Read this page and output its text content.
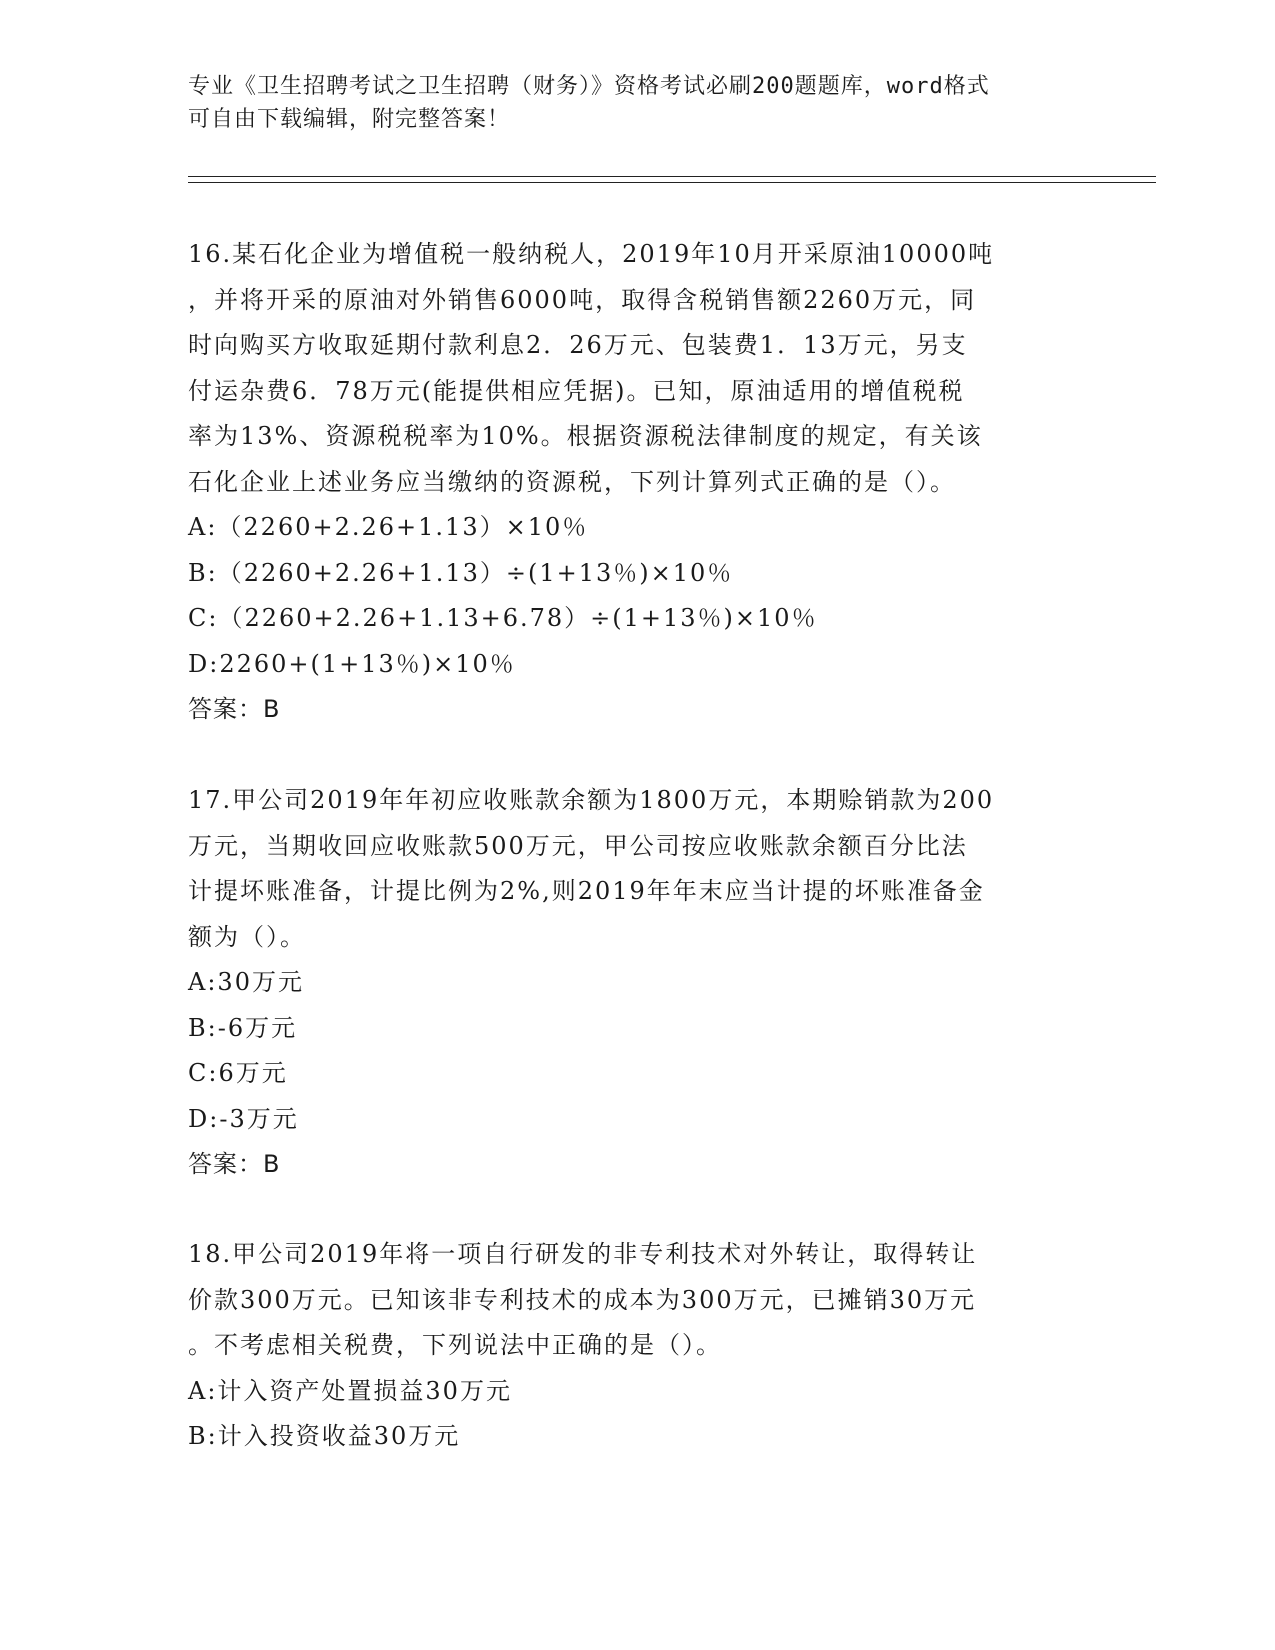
专业《卫生招聘考试之卫生招聘（财务）》资格考试必刷200题题库，word格式

可自由下载编辑，附完整答案！

16.某石化企业为增值税一般纳税人，2019年10月开采原油10000吨

，并将开采的原油对外销售6000吨，取得含税销售额2260万元，同

时向购买方收取延期付款利息2．26万元、包装费1．13万元，另支

付运杂费6．78万元(能提供相应凭据)。已知，原油适用的增值税税

率为13%、资源税税率为10%。根据资源税法律制度的规定，有关该

石化企业上述业务应当缴纳的资源税，下列计算列式正确的是（）。

A:（2260+2.26+1.13）×10％

B:（2260+2.26+1.13）÷(1+13％)×10％

C:（2260+2.26+1.13+6.78）÷(1+13％)×10％

D:2260+(1+13％)×10％

答案：B

17.甲公司2019年年初应收账款余额为1800万元，本期赊销款为200

万元，当期收回应收账款500万元，甲公司按应收账款余额百分比法

计提坏账准备，计提比例为2%,则2019年年末应当计提的坏账准备金

额为（）。

A:30万元

B:-6万元

C:6万元

D:-3万元

答案：B

18.甲公司2019年将一项自行研发的非专利技术对外转让，取得转让

价款300万元。已知该非专利技术的成本为300万元，已摊销30万元

。不考虑相关税费，下列说法中正确的是（）。

A:计入资产处置损益30万元

B:计入投资收益30万元
